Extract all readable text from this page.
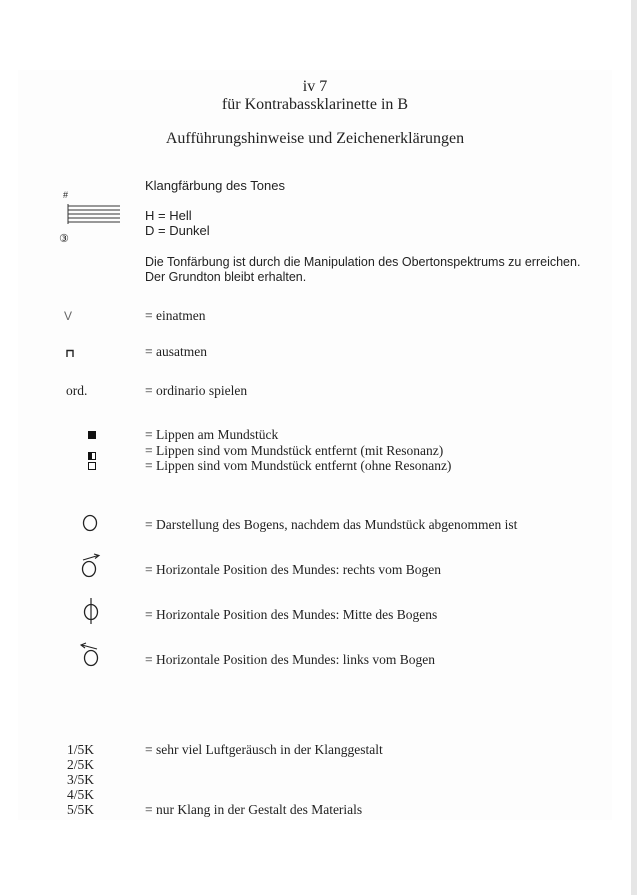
iv 7

für Kontrabassklarinette in B

Aufführungshinweise und Zeichenerklärungen

Klangfärbung des Tones
#
③
H = Hell
D = Dunkel
Die Tonfärbung ist durch die Manipulation des Obertonspektrums zu erreichen.
Der Grundton bleibt erhalten.
V	= einatmen
= ausatmen
ord.	= ordinario spielen
= Lippen am Mundstück
= Lippen sind vom Mundstück entfernt (mit Resonanz)
= Lippen sind vom Mundstück entfernt (ohne Resonanz)
= Darstellung des Bogens, nachdem das Mundstück abgenommen ist
= Horizontale Position des Mundes: rechts vom Bogen
= Horizontale Position des Mundes: Mitte des Bogens
= Horizontale Position des Mundes: links vom Bogen
1/5K
2/5K
3/5K
4/5K
5/5K
= sehr viel Luftgeräusch in der Klanggestalt
= nur Klang in der Gestalt des Materials
